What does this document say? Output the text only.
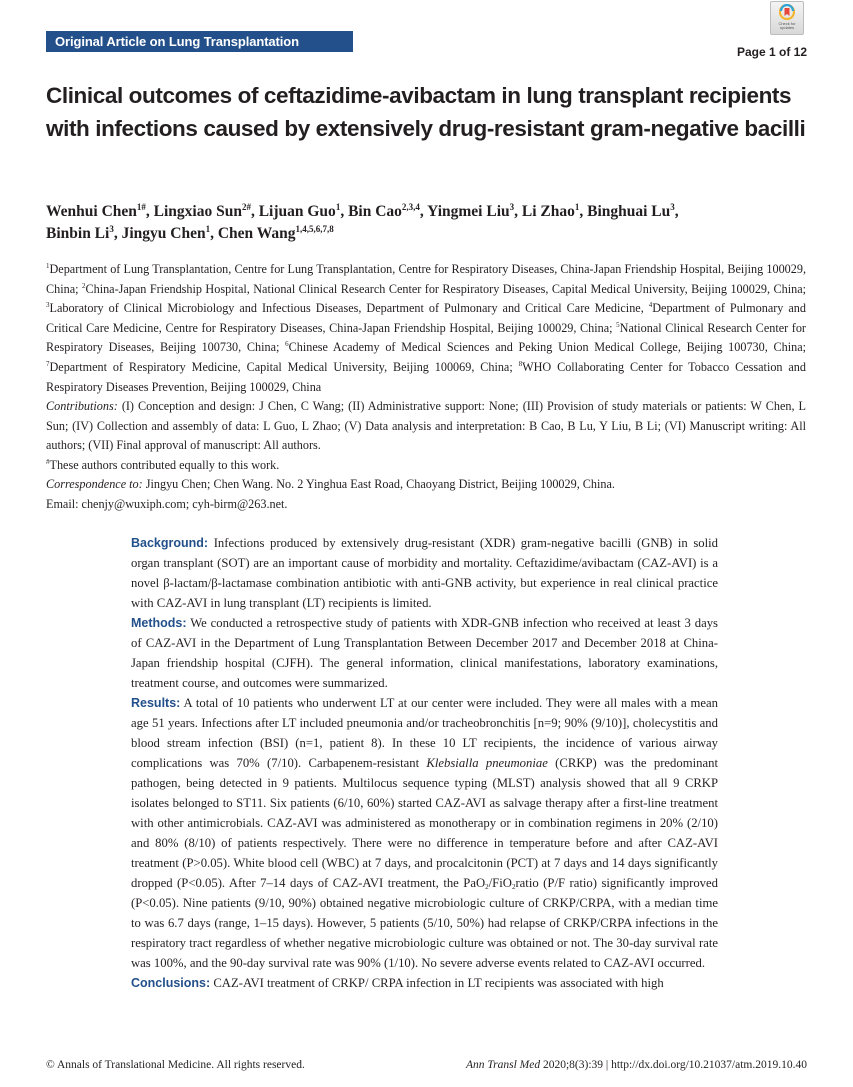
Original Article on Lung Transplantation
Check for updates
Page 1 of 12
Clinical outcomes of ceftazidime-avibactam in lung transplant recipients with infections caused by extensively drug-resistant gram-negative bacilli
Wenhui Chen$^{1\#}$, Lingxiao Sun$^{2\#}$, Lijuan Guo$^1$, Bin Cao$^{2,3,4}$, Yingmei Liu$^3$, Li Zhao$^1$, Binghuai Lu$^3$,
Binbin Li$^3$, Jingyu Chen$^1$, Chen Wang$^{1,4,5,6,7,8}$
$^1$Department of Lung Transplantation, Centre for Lung Transplantation, Centre for Respiratory Diseases, China-Japan Friendship Hospital, Beijing 100029, China; $^2$China-Japan Friendship Hospital, National Clinical Research Center for Respiratory Diseases, Capital Medical University, Beijing 100029, China; $^3$Laboratory of Clinical Microbiology and Infectious Diseases, Department of Pulmonary and Critical Care Medicine, $^4$Department of Pulmonary and Critical Care Medicine, Centre for Respiratory Diseases, China-Japan Friendship Hospital, Beijing 100029, China; $^5$National Clinical Research Center for Respiratory Diseases, Beijing 100730, China; $^6$Chinese Academy of Medical Sciences and Peking Union Medical College, Beijing 100730, China; $^7$Department of Respiratory Medicine, Capital Medical University, Beijing 100069, China; $^8$WHO Collaborating Center for Tobacco Cessation and Respiratory Diseases Prevention, Beijing 100029, China

Contributions: (I) Conception and design: J Chen, C Wang; (II) Administrative support: None; (III) Provision of study materials or patients: W Chen, L Sun; (IV) Collection and assembly of data: L Guo, L Zhao; (V) Data analysis and interpretation: B Cao, B Lu, Y Liu, B Li; (VI) Manuscript writing: All authors; (VII) Final approval of manuscript: All authors.

#These authors contributed equally to this work.

Correspondence to: Jingyu Chen; Chen Wang. No. 2 Yinghua East Road, Chaoyang District, Beijing 100029, China.

Email: chenjy@wuxiph.com; cyh-birm@263.net.

Background: Infections produced by extensively drug-resistant (XDR) gram-negative bacilli (GNB) in solid organ transplant (SOT) are an important cause of morbidity and mortality. Ceftazidime/avibactam (CAZ-AVI) is a novel β-lactam/β-lactamase combination antibiotic with anti-GNB activity, but experience in real clinical practice with CAZ-AVI in lung transplant (LT) recipients is limited.

Methods: We conducted a retrospective study of patients with XDR-GNB infection who received at least 3 days of CAZ-AVI in the Department of Lung Transplantation Between December 2017 and December 2018 at China-Japan friendship hospital (CJFH). The general information, clinical manifestations, laboratory examinations, treatment course, and outcomes were summarized.

Results: A total of 10 patients who underwent LT at our center were included. They were all males with a mean age 51 years. Infections after LT included pneumonia and/or tracheobronchitis [n=9; 90% (9/10)], cholecystitis and blood stream infection (BSI) (n=1, patient 8). In these 10 LT recipients, the incidence of various airway complications was 70% (7/10). Carbapenem-resistant Klebsialla pneumoniae (CRKP) was the predominant pathogen, being detected in 9 patients. Multilocus sequence typing (MLST) analysis showed that all 9 CRKP isolates belonged to ST11. Six patients (6/10, 60%) started CAZ-AVI as salvage therapy after a first-line treatment with other antimicrobials. CAZ-AVI was administered as monotherapy or in combination regimens in 20% (2/10) and 80% (8/10) of patients respectively. There were no difference in temperature before and after CAZ-AVI treatment (P>0.05). White blood cell (WBC) at 7 days, and procalcitonin (PCT) at 7 days and 14 days significantly dropped (P<0.05). After 7–14 days of CAZ-AVI treatment, the PaO$_2$/FiO$_2$ratio (P/F ratio) significantly improved (P<0.05). Nine patients (9/10, 90%) obtained negative microbiologic culture of CRKP/CRPA, with a median time to was 6.7 days (range, 1–15 days). However, 5 patients (5/10, 50%) had relapse of CRKP/CRPA infections in the respiratory tract regardless of whether negative microbiologic culture was obtained or not. The 30-day survival rate was 100%, and the 90-day survival rate was 90% (1/10). No severe adverse events related to CAZ-AVI occurred.

Conclusions: CAZ-AVI treatment of CRKP/ CRPA infection in LT recipients was associated with high

© Annals of Translational Medicine. All rights reserved.	Ann Transl Med 2020;8(3):39 | http://dx.doi.org/10.21037/atm.2019.10.40
